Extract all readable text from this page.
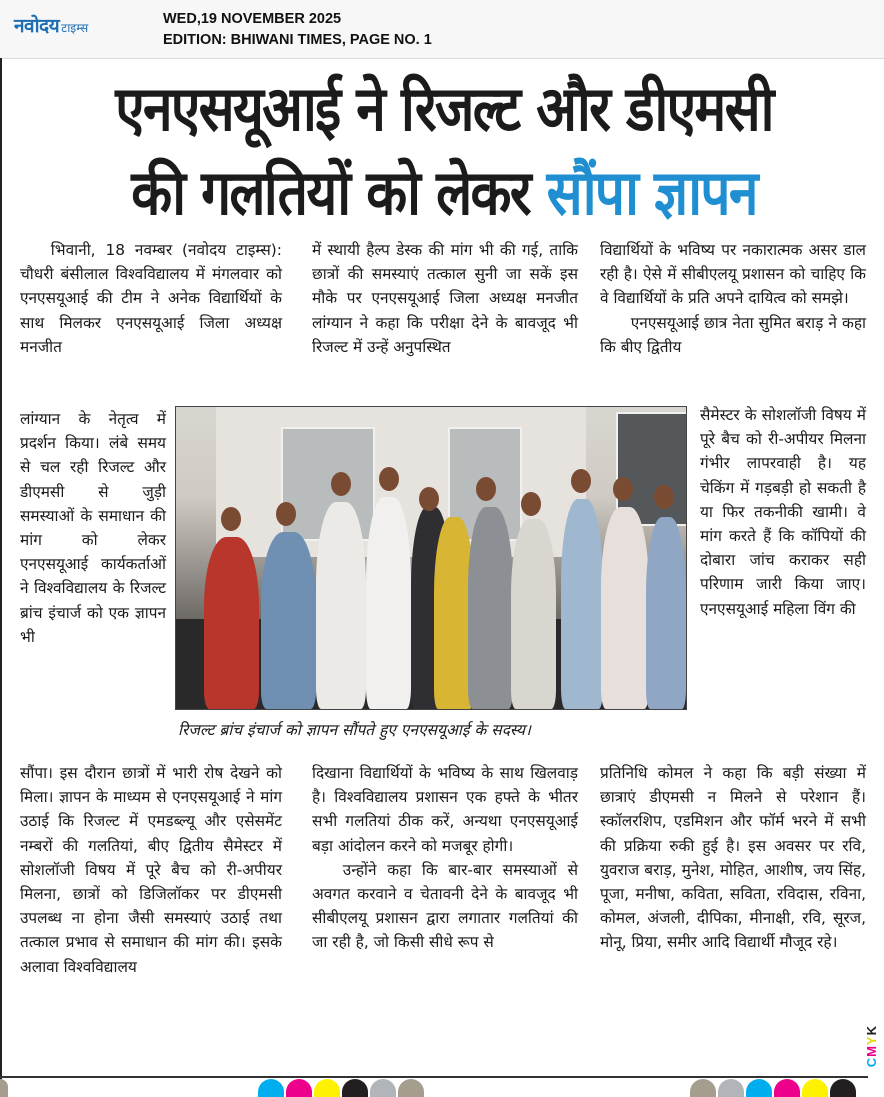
नवोदय टाइम्स
WED,19 NOVEMBER 2025
EDITION: BHIWANI TIMES, PAGE NO. 1
एनएसयूआई ने रिजल्ट और डीएमसी
की गलतियों को लेकर सौंपा ज्ञापन

भिवानी, 18 नवम्बर (नवोदय टाइम्स): चौधरी बंसीलाल विश्वविद्यालय में मंगलवार को एनएसयूआई की टीम ने अनेक विद्यार्थियों के साथ मिलकर एनएसयूआई जिला अध्यक्ष मनजीत

लांग्यान के नेतृत्व में प्रदर्शन किया। लंबे समय से चल रही रिजल्ट और डीएमसी से जुड़ी समस्याओं के समाधान की मांग को लेकर एनएसयूआई कार्यकर्ताओं ने विश्वविद्यालय के रिजल्ट ब्रांच इंचार्ज को एक ज्ञापन भी

सौंपा। इस दौरान छात्रों में भारी रोष देखने को मिला। ज्ञापन के माध्यम से एनएसयूआई ने मांग उठाई कि रिजल्ट में एमडब्ल्यू और एसेसमेंट नम्बरों की गलतियां, बीए द्वितीय सैमेस्टर में सोशलॉजी विषय में पूरे बैच को री-अपीयर मिलना, छात्रों को डिजिलॉकर पर डीएमसी उपलब्ध ना होना जैसी समस्याएं उठाई तथा तत्काल प्रभाव से समाधान की मांग की। इसके अलावा विश्वविद्यालय

में स्थायी हैल्प डेस्क की मांग भी की गई, ताकि छात्रों की समस्याएं तत्काल सुनी जा सकें इस मौके पर एनएसयूआई जिला अध्यक्ष मनजीत लांग्यान ने कहा कि परीक्षा देने के बावजूद भी रिजल्ट में उन्हें अनुपस्थित

दिखाना विद्यार्थियों के भविष्य के साथ खिलवाड़ है। विश्वविद्यालय प्रशासन एक हफ्ते के भीतर सभी गलतियां ठीक करें, अन्यथा एनएसयूआई बड़ा आंदोलन करने को मजबूर होगी।

उन्होंने कहा कि बार-बार समस्याओं से अवगत करवाने व चेतावनी देने के बावजूद भी सीबीएलयू प्रशासन द्वारा लगातार गलतियां की जा रही है, जो किसी सीधे रूप से

विद्यार्थियों के भविष्य पर नकारात्मक असर डाल रही है। ऐसे में सीबीएलयू प्रशासन को चाहिए कि वे विद्यार्थियों के प्रति अपने दायित्व को समझे।

एनएसयूआई छात्र नेता सुमित बराड़ ने कहा कि बीए द्वितीय

सैमेस्टर के सोशलॉजी विषय में पूरे बैच को री-अपीयर मिलना गंभीर लापरवाही है। यह चेकिंग में गड़बड़ी हो सकती है या फिर तकनीकी खामी। वे मांग करते हैं कि कॉपियों की दोबारा जांच कराकर सही परिणाम जारी किया जाए। एनएसयूआई महिला विंग की

प्रतिनिधि कोमल ने कहा कि बड़ी संख्या में छात्राएं डीएमसी न मिलने से परेशान हैं।स्कॉलरशिप, एडमिशन और फॉर्म भरने में सभी की प्रक्रिया रुकी हुई है। इस अवसर पर रवि, युवराज बराड़, मुनेश, मोहित, आशीष, जय सिंह, पूजा, मनीषा, कविता, सविता, रविदास, रविना, कोमल, अंजली, दीपिका, मीनाक्षी, रवि, सूरज, मोनू, प्रिया, समीर आदि विद्यार्थी मौजूद रहे।

रिजल्ट ब्रांच इंचार्ज को ज्ञापन सौंपते हुए एनएसयूआई के सदस्य।
CMYK
